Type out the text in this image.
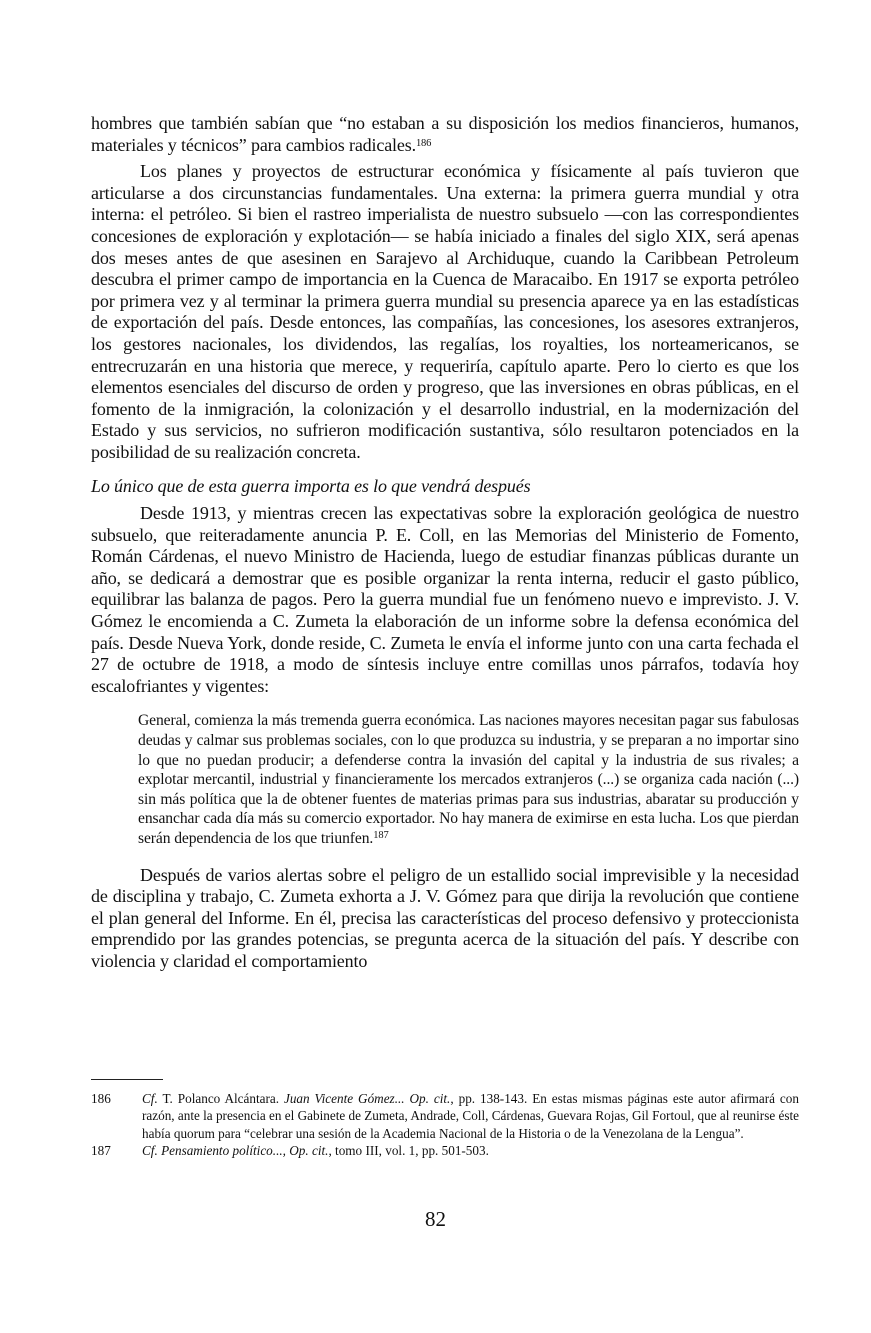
hombres que también sabían que “no estaban a su disposición los medios financieros, humanos, materiales y técnicos” para cambios radicales.$^{186}$

Los planes y proyectos de estructurar económica y físicamente al país tuvieron que articularse a dos circunstancias fundamentales. Una externa: la primera guerra mundial y otra interna: el petróleo. Si bien el rastreo imperialista de nuestro subsuelo —con las correspondientes concesiones de exploración y explotación— se había iniciado a finales del siglo XIX, será apenas dos meses antes de que asesinen en Sarajevo al Archiduque, cuando la Caribbean Petroleum descubra el primer campo de importancia en la Cuenca de Maracaibo. En 1917 se exporta petróleo por primera vez y al terminar la primera guerra mundial su presencia aparece ya en las estadísticas de exportación del país. Desde entonces, las compañías, las concesiones, los asesores extranjeros, los gestores nacionales, los dividendos, las regalías, los royalties, los norteamericanos, se entrecruzarán en una historia que merece, y requeriría, capítulo aparte. Pero lo cierto es que los elementos esenciales del discurso de orden y progreso, que las inversiones en obras públicas, en el fomento de la inmigración, la colonización y el desarrollo industrial, en la modernización del Estado y sus servicios, no sufrieron modificación sustantiva, sólo resultaron potenciados en la posibilidad de su realización concreta.

Lo único que de esta guerra importa es lo que vendrá después

Desde 1913, y mientras crecen las expectativas sobre la exploración geológica de nuestro subsuelo, que reiteradamente anuncia P. E. Coll, en las Memorias del Ministerio de Fomento, Román Cárdenas, el nuevo Ministro de Hacienda, luego de estudiar finanzas públicas durante un año, se dedicará a demostrar que es posible organizar la renta interna, reducir el gasto público, equilibrar las balanza de pagos. Pero la guerra mundial fue un fenómeno nuevo e imprevisto. J. V. Gómez le encomienda a C. Zumeta la elaboración de un informe sobre la defensa económica del país. Desde Nueva York, donde reside, C. Zumeta le envía el informe junto con una carta fechada el 27 de octubre de 1918, a modo de síntesis incluye entre comillas unos párrafos, todavía hoy escalofriantes y vigentes:

General, comienza la más tremenda guerra económica. Las naciones mayores necesitan pagar sus fabulosas deudas y calmar sus problemas sociales, con lo que produzca su industria, y se preparan a no importar sino lo que no puedan producir; a defenderse contra la invasión del capital y la industria de sus rivales; a explotar mercantil, industrial y financieramente los mercados extranjeros (...) se organiza cada nación (...) sin más política que la de obtener fuentes de materias primas para sus industrias, abaratar su producción y ensanchar cada día más su comercio exportador. No hay manera de eximirse en esta lucha. Los que pierdan serán dependencia de los que triunfen.$^{187}$

Después de varios alertas sobre el peligro de un estallido social imprevisible y la necesidad de disciplina y trabajo, C. Zumeta exhorta a J. V. Gómez para que dirija la revolución que contiene el plan general del Informe. En él, precisa las características del proceso defensivo y proteccionista emprendido por las grandes potencias, se pregunta acerca de la situación del país. Y describe con violencia y claridad el comportamiento

186	Cf. T. Polanco Alcántara. Juan Vicente Gómez... Op. cit., pp. 138-143. En estas mismas páginas este autor afirmará con razón, ante la presencia en el Gabinete de Zumeta, Andrade, Coll, Cárdenas, Guevara Rojas, Gil Fortoul, que al reunirse éste había quorum para “celebrar una sesión de la Academia Nacional de la Historia o de la Venezolana de la Lengua”.
187	Cf. Pensamiento político..., Op. cit., tomo III, vol. 1, pp. 501-503.
82
